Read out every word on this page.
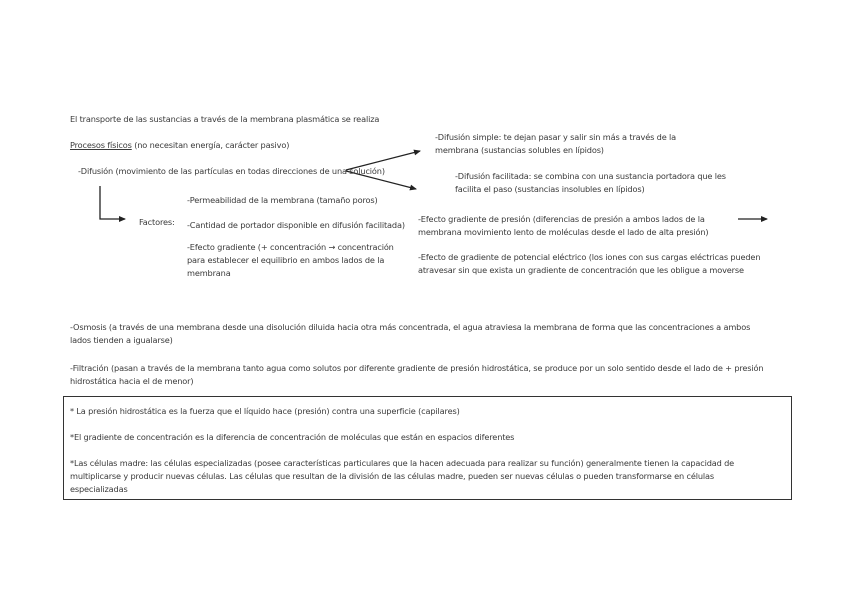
El transporte de las sustancias a través de la membrana plasmática se realiza
Procesos físicos (no necesitan energía, carácter pasivo)
-Difusión (movimiento de las partículas en todas direcciones de una solución)
Factores:
-Permeabilidad de la membrana (tamaño poros)
-Cantidad de portador disponible en difusión facilitada)
-Efecto gradiente (+ concentración → concentración para establecer el equilibrio en ambos lados de la membrana
-Difusión simple: te dejan pasar y salir sin más a través de la membrana (sustancias solubles en lípidos)
-Difusión facilitada: se combina con una sustancia portadora que les facilita el paso (sustancias insolubles en lípidos)
-Efecto gradiente de presión (diferencias de presión a ambos lados de la membrana movimiento lento de moléculas desde el lado de alta presión)
-Efecto de gradiente de potencial eléctrico (los iones con sus cargas eléctricas pueden atravesar sin que exista un gradiente de concentración que les obligue a moverse
-Osmosis (a través de una membrana desde una disolución diluida hacia otra más concentrada, el agua atraviesa la membrana de forma que las concentraciones a ambos lados tienden a igualarse)
-Filtración (pasan a través de la membrana tanto agua como solutos por diferente gradiente de presión hidrostática, se produce por un solo sentido desde el lado de + presión hidrostática hacia el de menor)
* La presión hidrostática es la fuerza que el líquido hace (presión) contra una superficie (capilares)
*El gradiente de concentración es la diferencia de concentración de moléculas que están en espacios diferentes
*Las células madre: las células especializadas (posee características particulares que la hacen adecuada para realizar su función) generalmente tienen la capacidad de multiplicarse y producir nuevas células. Las células que resultan de la división de las células madre, pueden ser nuevas células o pueden transformarse en células especializadas
